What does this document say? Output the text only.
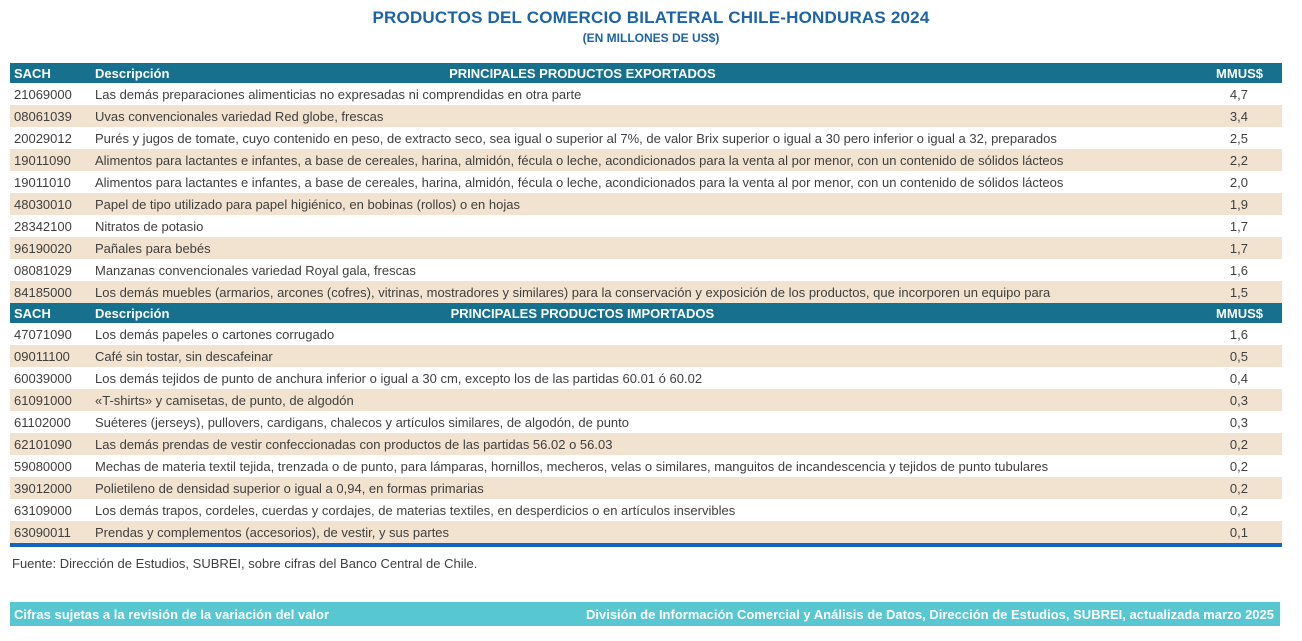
PRODUCTOS DEL COMERCIO BILATERAL CHILE-HONDURAS 2024
(EN MILLONES DE US$)
SACH	Descripción	PRINCIPALES PRODUCTOS EXPORTADOS	MMUS$
21069000	Las demás preparaciones alimenticias no expresadas ni comprendidas en otra parte	4,7
08061039	Uvas convencionales variedad Red globe, frescas	3,4
20029012	Purés y jugos de tomate, cuyo contenido en peso, de extracto seco, sea igual o superior al 7%, de valor Brix superior o igual a 30 pero inferior o igual a 32, preparados	2,5
19011090	Alimentos para lactantes e infantes, a base de cereales, harina, almidón, fécula o leche, acondicionados para la venta al por menor, con un contenido de sólidos lácteos	2,2
19011010	Alimentos para lactantes e infantes, a base de cereales, harina, almidón, fécula o leche, acondicionados para la venta al por menor, con un contenido de sólidos lácteos	2,0
48030010	Papel de tipo utilizado para papel higiénico, en bobinas (rollos) o en hojas	1,9
28342100	Nitratos de potasio	1,7
96190020	Pañales para bebés	1,7
08081029	Manzanas convencionales variedad Royal gala, frescas	1,6
84185000	Los demás muebles (armarios, arcones (cofres), vitrinas, mostradores y similares) para la conservación y exposición de los productos, que incorporen un equipo para	1,5
SACH	Descripción	PRINCIPALES PRODUCTOS IMPORTADOS	MMUS$
47071090	Los demás papeles o cartones corrugado	1,6
09011100	Café sin tostar, sin descafeinar	0,5
60039000	Los demás tejidos de punto de anchura inferior o igual a 30 cm, excepto los de las partidas 60.01 ó 60.02	0,4
61091000	«T-shirts» y camisetas, de punto, de algodón	0,3
61102000	Suéteres (jerseys), pullovers, cardigans, chalecos y artículos similares, de algodón, de punto	0,3
62101090	Las demás prendas de vestir confeccionadas con productos de las partidas 56.02 o 56.03	0,2
59080000	Mechas de materia textil tejida, trenzada o de punto, para lámparas, hornillos, mecheros, velas o similares, manguitos de incandescencia y tejidos de punto tubulares	0,2
39012000	Polietileno de densidad superior o igual a 0,94, en formas primarias	0,2
63109000	Los demás trapos, cordeles, cuerdas y cordajes, de materias textiles, en desperdicios o en artículos inservibles	0,2
63090011	Prendas y complementos (accesorios), de vestir, y sus partes	0,1
Fuente: Dirección de Estudios, SUBREI, sobre cifras del Banco Central de Chile.
Cifras sujetas a la revisión de la variación del valor	División de Información Comercial y Análisis de Datos, Dirección de Estudios, SUBREI, actualizada marzo 2025
